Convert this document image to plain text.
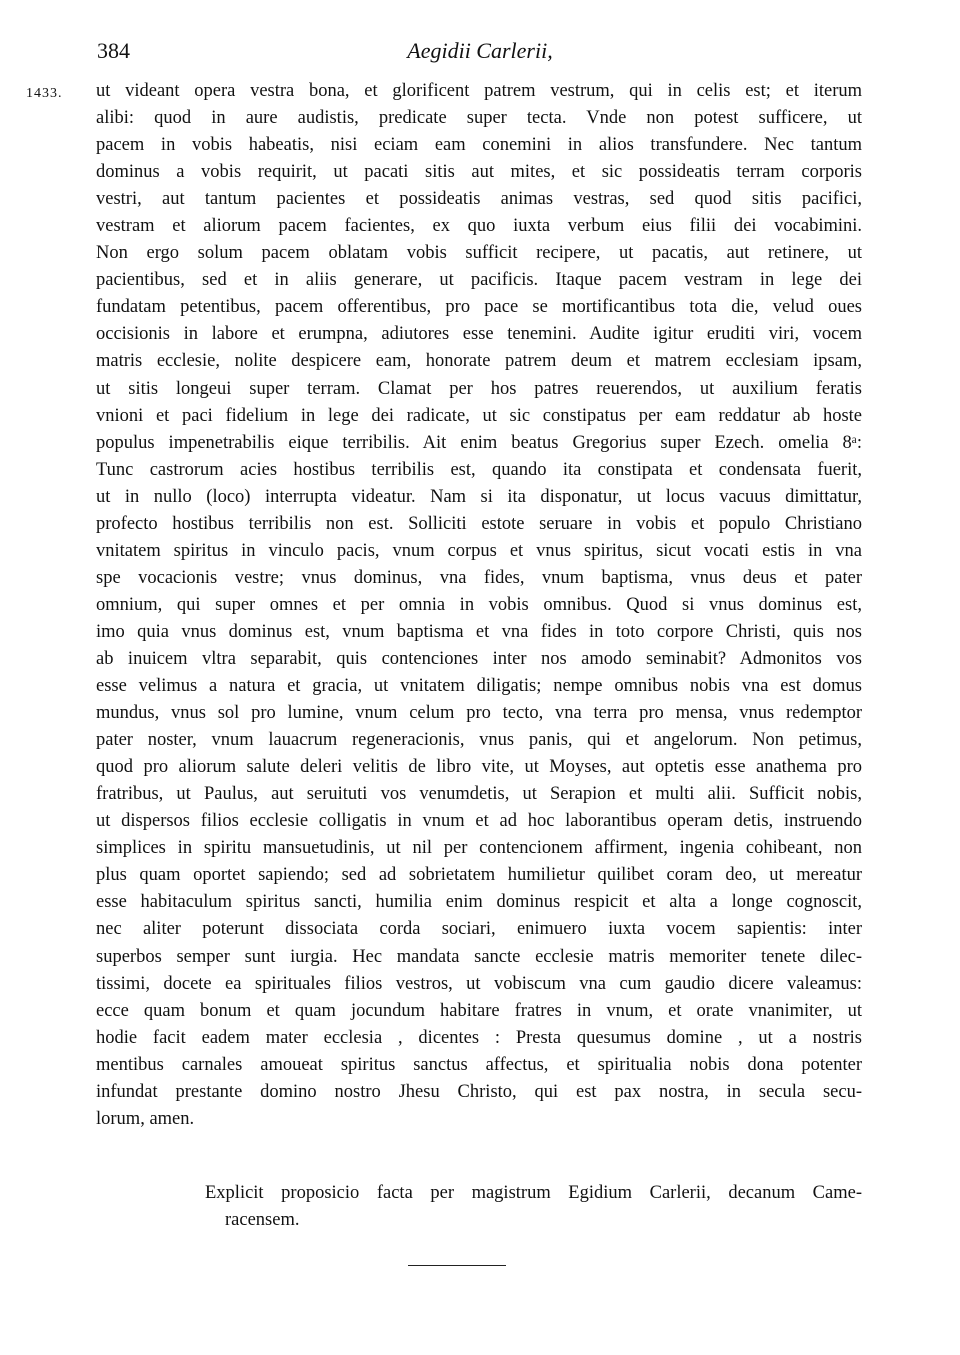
384	Aegidii Carlerii,
1433. ut videant opera vestra bona, et glorificent patrem vestrum, qui in celis est; et iterum
alibi: quod in aure audistis, predicate super tecta. Vnde non potest sufficere, ut
pacem in vobis habeatis, nisi eciam eam conemini in alios transfundere. Nec tantum
dominus a vobis requirit, ut pacati sitis aut mites, et sic possideatis terram corporis
vestri, aut tantum pacientes et possideatis animas vestras, sed quod sitis pacifici,
vestram et aliorum pacem facientes, ex quo iuxta verbum eius filii dei vocabimini.
Non ergo solum pacem oblatam vobis sufficit recipere, ut pacatis, aut retinere, ut
pacientibus, sed et in aliis generare, ut pacificis. Itaque pacem vestram in lege dei
fundatam petentibus, pacem offerentibus, pro pace se mortificantibus tota die, velud oues
occisionis in labore et erumpna, adiutores esse tenemini. Audite igitur eruditi viri, vocem
matris ecclesie, nolite despicere eam, honorate patrem deum et matrem ecclesiam ipsam,
ut sitis longeui super terram. Clamat per hos patres reuerendos, ut auxilium feratis
vnioni et paci fidelium in lege dei radicate, ut sic constipatus per eam reddatur ab hoste
populus impenetrabilis eique terribilis. Ait enim beatus Gregorius super Ezech. omelia 8ᵃ:
Tunc castrorum acies hostibus terribilis est, quando ita constipata et condensata fuerit,
ut in nullo (loco) interrupta videatur. Nam si ita disponatur, ut locus vacuus dimittatur,
profecto hostibus terribilis non est. Solliciti estote seruare in vobis et populo Christiano
vnitatem spiritus in vinculo pacis, vnum corpus et vnus spiritus, sicut vocati estis in vna
spe vocacionis vestre; vnus dominus, vna fides, vnum baptisma, vnus deus et pater
omnium, qui super omnes et per omnia in vobis omnibus. Quod si vnus dominus est,
imo quia vnus dominus est, vnum baptisma et vna fides in toto corpore Christi, quis nos
ab inuicem vltra separabit, quis contenciones inter nos amodo seminabit? Admonitos vos
esse velimus a natura et gracia, ut vnitatem diligatis; nempe omnibus nobis vna est domus
mundus, vnus sol pro lumine, vnum celum pro tecto, vna terra pro mensa, vnus redemptor
pater noster, vnum lauacrum regeneracionis, vnus panis, qui et angelorum. Non petimus,
quod pro aliorum salute deleri velitis de libro vite, ut Moyses, aut optetis esse anathema pro
fratribus, ut Paulus, aut seruituti vos venumdetis, ut Serapion et multi alii. Sufficit nobis,
ut dispersos filios ecclesie colligatis in vnum et ad hoc laborantibus operam detis, instruendo
simplices in spiritu mansuetudinis, ut nil per contencionem affirment, ingenia cohibeant, non
plus quam oportet sapiendo; sed ad sobrietatem humilietur quilibet coram deo, ut mereatur
esse habitaculum spiritus sancti, humilia enim dominus respicit et alta a longe cognoscit,
nec aliter poterunt dissociata corda sociari, enimuero iuxta vocem sapientis: inter
superbos semper sunt iurgia. Hec mandata sancte ecclesie matris memoriter tenete dilec-
tissimi, docete ea spirituales filios vestros, ut vobiscum vna cum gaudio dicere valeamus:
ecce quam bonum et quam jocundum habitare fratres in vnum, et orate vnanimiter, ut
hodie facit eadem mater ecclesia , dicentes : Presta quesumus domine , ut a nostris
mentibus carnales amoueat spiritus sanctus affectus, et spiritualia nobis dona potenter
infundat prestante domino nostro Jhesu Christo, qui est pax nostra, in secula secu-
lorum, amen.
Explicit proposicio facta per magistrum Egidium Carlerii, decanum Came-
racensem.
